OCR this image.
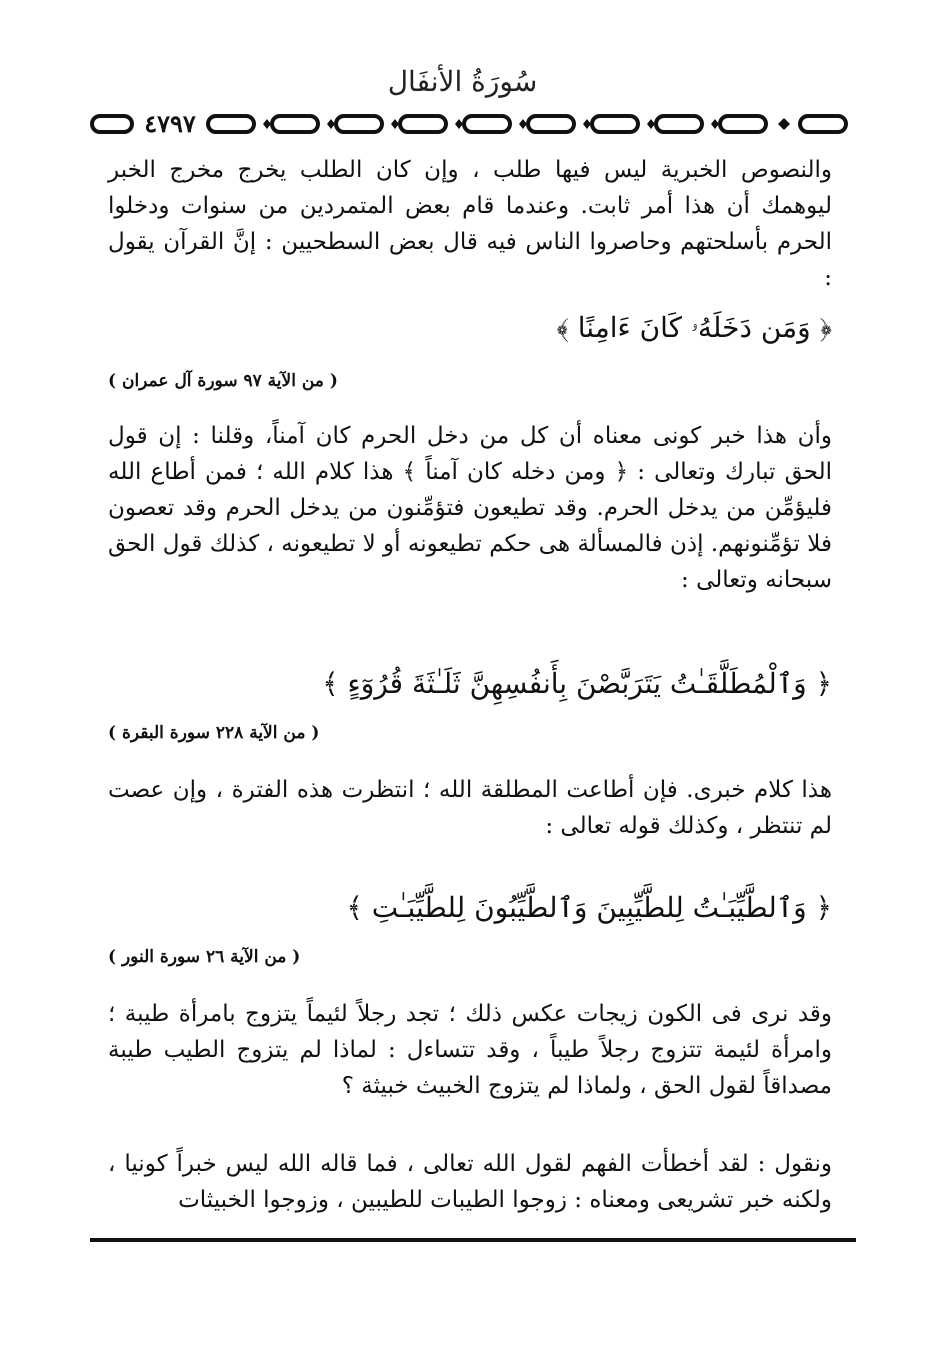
سُورَةُ الأنفَال
٤٧٩٧
والنصوص الخبرية ليس فيها طلب ، وإن كان الطلب يخرج مخرج الخبر ليوهمك أن هذا أمر ثابت. وعندما قام بعض المتمردين من سنوات ودخلوا الحرم بأسلحتهم وحاصروا الناس فيه قال بعض السطحيين : إنَّ القرآن يقول :
﴿ وَمَن دَخَلَهُۥ كَانَ ءَامِنًا ﴾
( من الآية ٩٧ سورة آل عمران )
وأن هذا خبر كونى معناه أن كل من دخل الحرم كان آمناً، وقلنا : إن قول الحق تبارك وتعالى : ﴿ ومن دخله كان آمناً ﴾ هذا كلام الله ؛ فمن أطاع الله فليؤمِّن من يدخل الحرم. وقد تطيعون فتؤمِّنون من يدخل الحرم وقد تعصون فلا تؤمِّنونهم. إذن فالمسألة هى حكم تطيعونه أو لا تطيعونه ، كذلك قول الحق سبحانه وتعالى :
﴿ وَٱلْمُطَلَّقَـٰتُ يَتَرَبَّصْنَ بِأَنفُسِهِنَّ ثَلَـٰثَةَ قُرُوٓءٍ ﴾
( من الآية ٢٢٨ سورة البقرة )
هذا كلام خبرى. فإن أطاعت المطلقة الله ؛ انتظرت هذه الفترة ، وإن عصت لم تنتظر ، وكذلك قوله تعالى :
﴿ وَٱلطَّيِّبَـٰتُ لِلطَّيِّبِينَ وَٱلطَّيِّبُونَ لِلطَّيِّبَـٰتِ ﴾
( من الآية ٢٦ سورة النور )
وقد نرى فى الكون زيجات عكس ذلك ؛ تجد رجلاً لئيماً يتزوج بامرأة طيبة ؛ وامرأة لئيمة تتزوج رجلاً طيباً ، وقد تتساءل : لماذا لم يتزوج الطيب طيبة مصداقاً لقول الحق ، ولماذا لم يتزوج الخبيث خبيثة ؟
ونقول : لقد أخطأت الفهم لقول الله تعالى ، فما قاله الله ليس خبراً كونيا ، ولكنه خبر تشريعى ومعناه : زوجوا الطيبات للطيبين ، وزوجوا الخبيثات
